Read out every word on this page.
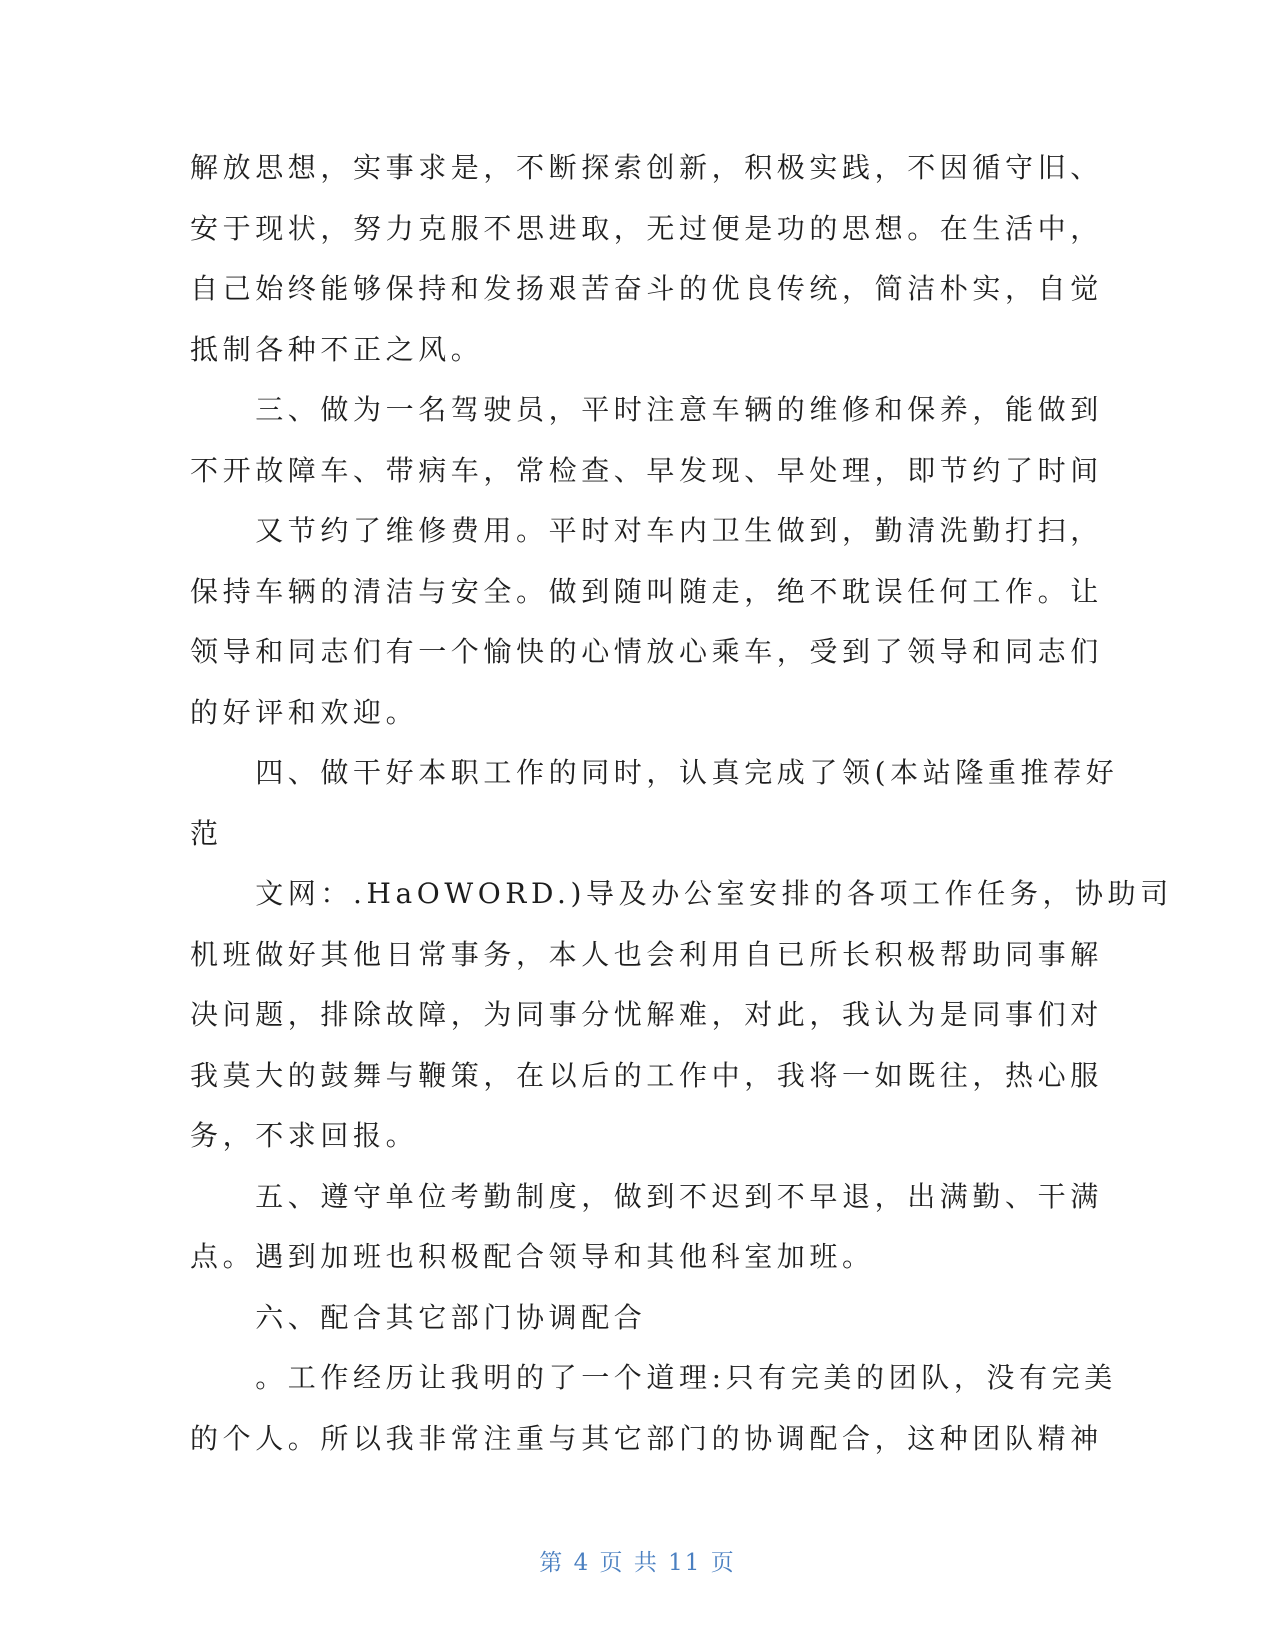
解放思想，实事求是，不断探索创新，积极实践，不因循守旧、
安于现状，努力克服不思进取，无过便是功的思想。在生活中，
自己始终能够保持和发扬艰苦奋斗的优良传统，简洁朴实，自觉
抵制各种不正之风。
　　三、做为一名驾驶员，平时注意车辆的维修和保养，能做到
不开故障车、带病车，常检查、早发现、早处理，即节约了时间
　　又节约了维修费用。平时对车内卫生做到，勤清洗勤打扫，
保持车辆的清洁与安全。做到随叫随走，绝不耽误任何工作。让
领导和同志们有一个愉快的心情放心乘车，受到了领导和同志们
的好评和欢迎。
　　四、做干好本职工作的同时，认真完成了领(本站隆重推荐好
范
　　文网：.HaOWORD.)导及办公室安排的各项工作任务，协助司
机班做好其他日常事务，本人也会利用自已所长积极帮助同事解
决问题，排除故障，为同事分忧解难，对此，我认为是同事们对
我莫大的鼓舞与鞭策，在以后的工作中，我将一如既往，热心服
务，不求回报。
　　五、遵守单位考勤制度，做到不迟到不早退，出满勤、干满
点。遇到加班也积极配合领导和其他科室加班。
　　六、配合其它部门协调配合
　　。工作经历让我明的了一个道理:只有完美的团队，没有完美
的个人。所以我非常注重与其它部门的协调配合，这种团队精神
第 4 页 共 11 页
